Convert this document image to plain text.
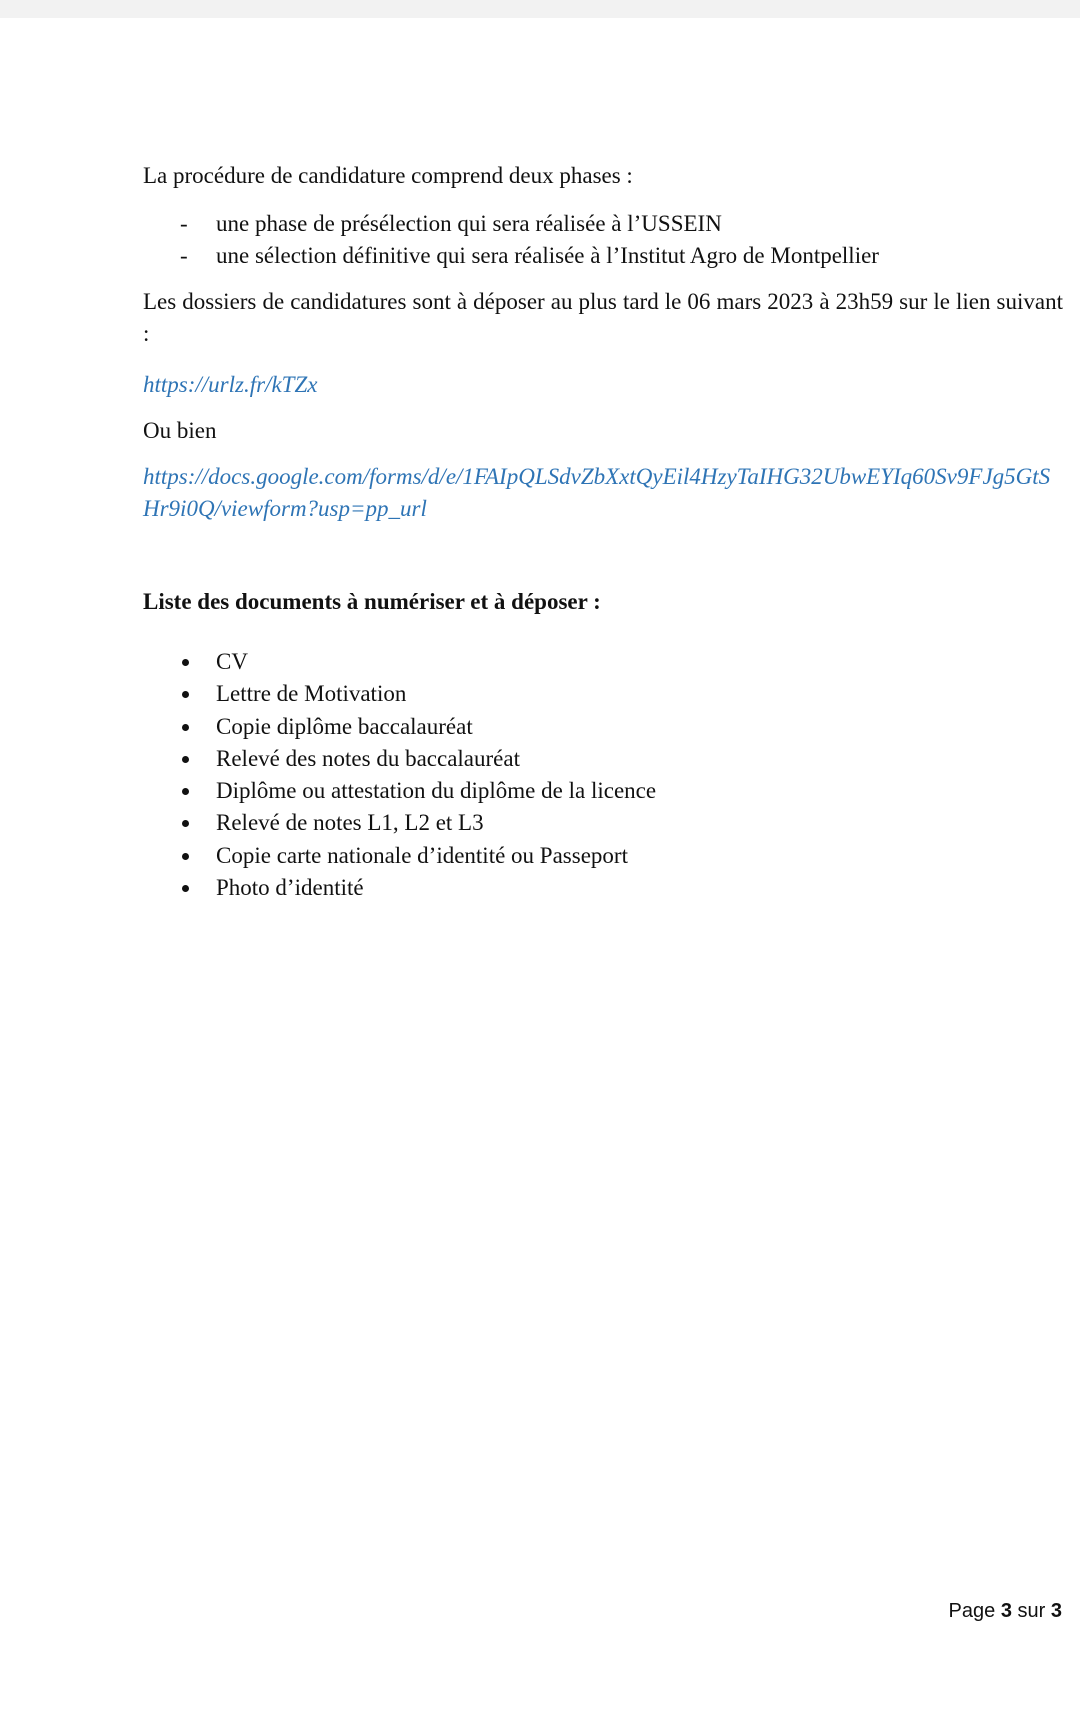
La procédure de candidature comprend deux phases :

- une phase de présélection qui sera réalisée à l’USSEIN
- une sélection définitive qui sera réalisée à l’Institut Agro de Montpellier

Les dossiers de candidatures sont à déposer au plus tard le 06 mars 2023 à 23h59 sur le lien suivant :

https://urlz.fr/kTZx

Ou bien

https://docs.google.com/forms/d/e/1FAIpQLSdvZbXxtQyEil4HzyTaIHG32UbwEYIq60Sv9FJg5GtSHr9i0Q/viewform?usp=pp_url

Liste des documents à numériser et à déposer :

CV
Lettre de Motivation
Copie diplôme baccalauréat
Relevé des notes du baccalauréat
Diplôme ou attestation du diplôme de la licence
Relevé de notes L1, L2 et L3
Copie carte nationale d’identité ou Passeport
Photo d’identité
Page 3 sur 3
